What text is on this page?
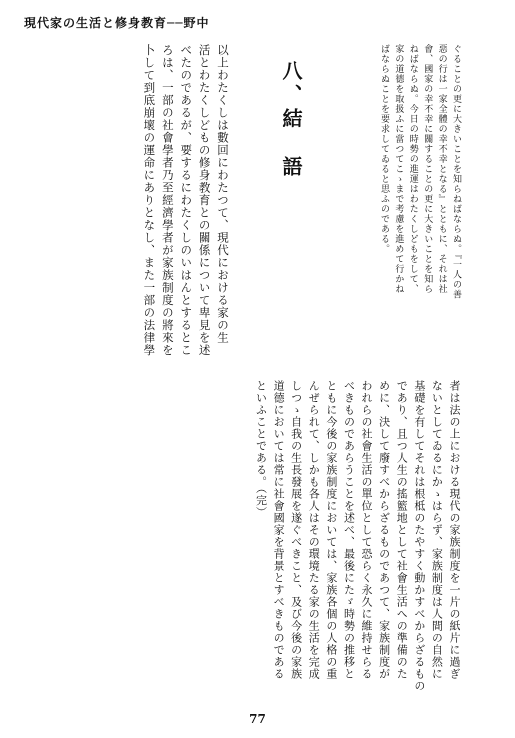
現代家の生活と修身教育──野中

ぐることの更に大きいことを知らねばならぬ。『一人の善

惡の行は一家全體の幸不幸となる』とともに、それは社

會、國家の幸不幸に關することの更に大きいことを知ら

ねばならぬ。今日の時勢の進運はわたくしどもをして、

家の道德を取扱ふに當つてこゝまで考慮を進めて行かね

ばならぬことを要求してゐると思ふのである。

八、結　語

以上わたくしは數回にわたつて、現代における家の生

活とわたくしどもの修身教育との關係について卑見を述

べたのであるが、要するにわたくしのいはんとするとこ

ろは、一部の社會學者乃至經濟學者が家族制度の將來を

卜して到底崩壞の運命にありとなし、また一部の法律學

者は法の上における現代の家族制度を一片の紙片に過ぎ

ないとしてゐるにかゝはらず、家族制度は人間の自然に

基礎を有してそれは根柢のたやすく動かすべからざるもの

であり、且つ人生の搖籃地として社會生活への準備のた

めに、決して廢すべからざるものであつて、家族制度が

われらの社會生活の單位として恐らく永久に維持せらる

べきものであらうことを述べ、最後にたゞ時勢の推移と

ともに今後の家族制度においては、家族各個の人格の重

んぜられて、しかも各人はその環境たる家の生活を完成

しつゝ自我の生長發展を遂ぐべきこと、及び今後の家族

道德においては常に社會國家を背景とすべきものである

といふことである。（完）

77
